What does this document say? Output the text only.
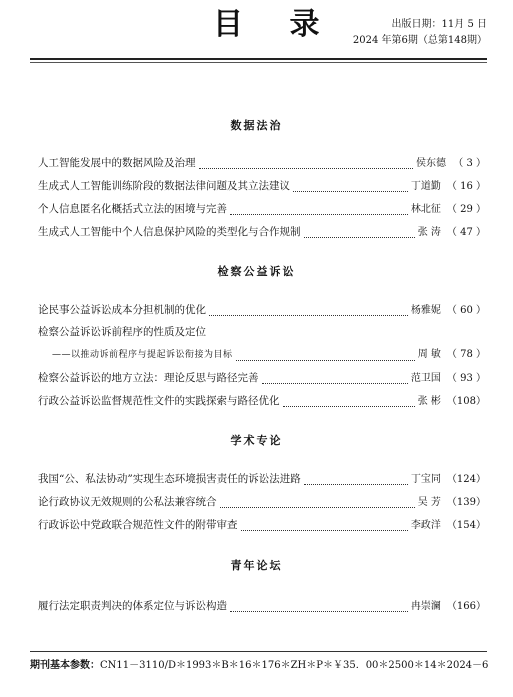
目 录	出版日期：11月 5 日
2024 年第6期（总第148期）
数据法治
人工智能发展中的数据风险及治理	侯东德 （ 3 ）
生成式人工智能训练阶段的数据法律问题及其立法建议	丁道勤 （ 16 ）
个人信息匿名化概括式立法的困境与完善	林北征 （ 29 ）
生成式人工智能中个人信息保护风险的类型化与合作规制	张 涛 （ 47 ）
检察公益诉讼
论民事公益诉讼成本分担机制的优化	杨雅妮 （ 60 ）
检察公益诉讼诉前程序的性质及定位
——以推动诉前程序与提起诉讼衔接为目标	周 敏 （ 78 ）
检察公益诉讼的地方立法：理论反思与路径完善	范卫国 （ 93 ）
行政公益诉讼监督规范性文件的实践探索与路径优化	张 彬 （108）
学术专论
我国“公、私法协动”实现生态环境损害责任的诉讼法进路	丁宝同 （124）
论行政协议无效规则的公私法兼容统合	吴 芳 （139）
行政诉讼中党政联合规范性文件的附带审查	李政洋 （154）
青年论坛
履行法定职责判决的体系定位与诉讼构造	冉崇澜 （166）
期刊基本参数：CN11－3110/D＊1993＊B＊16＊176＊ZH＊P＊￥35．00＊2500＊14＊2024－6
